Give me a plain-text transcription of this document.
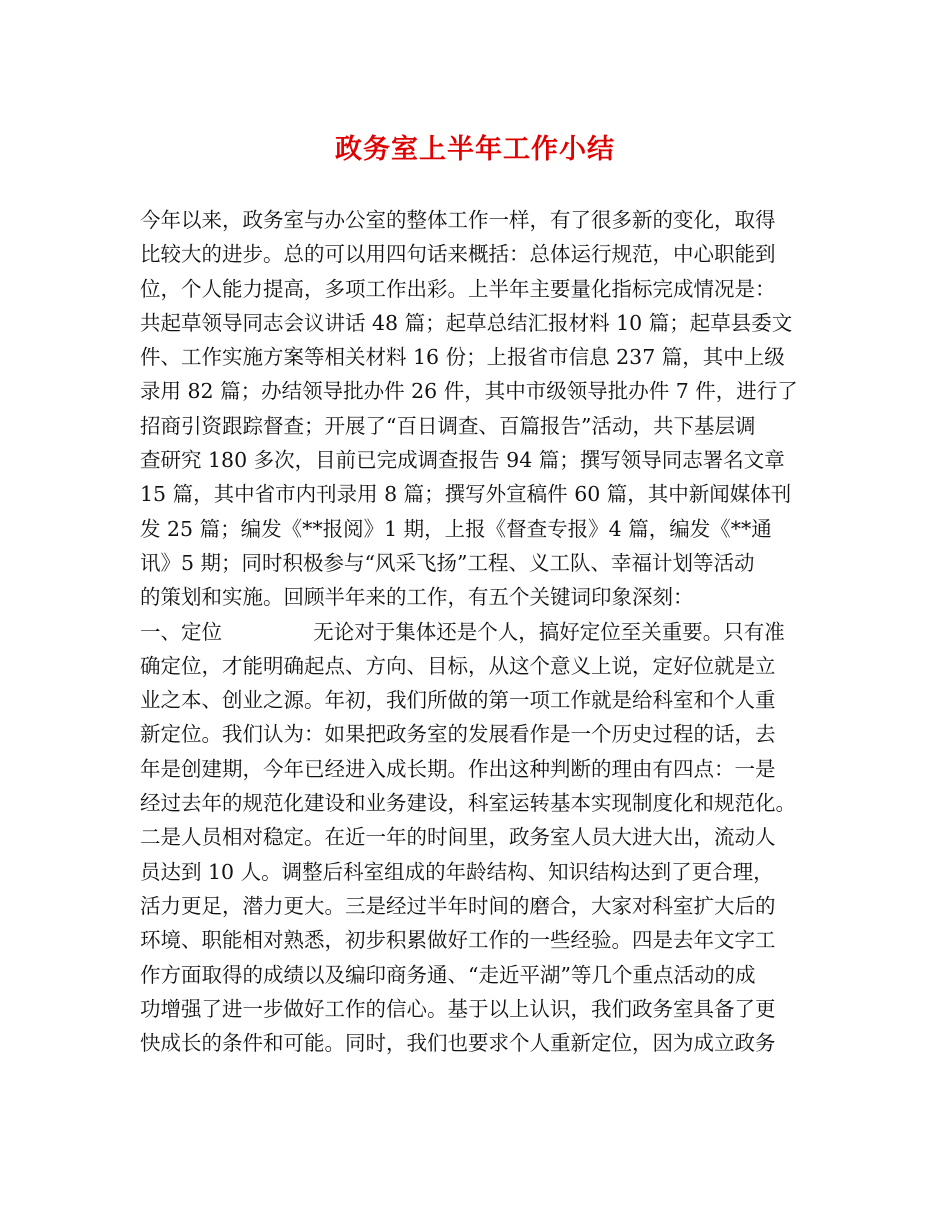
政务室上半年工作小结
今年以来，政务室与办公室的整体工作一样，有了很多新的变化，取得
比较大的进步。总的可以用四句话来概括：总体运行规范，中心职能到
位，个人能力提高，多项工作出彩。上半年主要量化指标完成情况是：
共起草领导同志会议讲话 48 篇；起草总结汇报材料 10 篇；起草县委文
件、工作实施方案等相关材料 16 份；上报省市信息 237 篇，其中上级
录用 82 篇；办结领导批办件 26 件，其中市级领导批办件 7 件，进行了
招商引资跟踪督查；开展了“百日调查、百篇报告”活动，共下基层调
查研究 180 多次，目前已完成调查报告 94 篇；撰写领导同志署名文章
15 篇，其中省市内刊录用 8 篇；撰写外宣稿件 60 篇，其中新闻媒体刊
发 25 篇；编发《**报阅》1 期，上报《督查专报》4 篇，编发《**通
讯》5 期；同时积极参与“风采飞扬”工程、义工队、幸福计划等活动
的策划和实施。回顾半年来的工作，有五个关键词印象深刻：
一、定位              无论对于集体还是个人，搞好定位至关重要。只有准
确定位，才能明确起点、方向、目标，从这个意义上说，定好位就是立
业之本、创业之源。年初，我们所做的第一项工作就是给科室和个人重
新定位。我们认为：如果把政务室的发展看作是一个历史过程的话，去
年是创建期，今年已经进入成长期。作出这种判断的理由有四点：一是
经过去年的规范化建设和业务建设，科室运转基本实现制度化和规范化。
二是人员相对稳定。在近一年的时间里，政务室人员大进大出，流动人
员达到 10 人。调整后科室组成的年龄结构、知识结构达到了更合理，
活力更足，潜力更大。三是经过半年时间的磨合，大家对科室扩大后的
环境、职能相对熟悉，初步积累做好工作的一些经验。四是去年文字工
作方面取得的成绩以及编印商务通、“走近平湖”等几个重点活动的成
功增强了进一步做好工作的信心。基于以上认识，我们政务室具备了更
快成长的条件和可能。同时，我们也要求个人重新定位，因为成立政务
